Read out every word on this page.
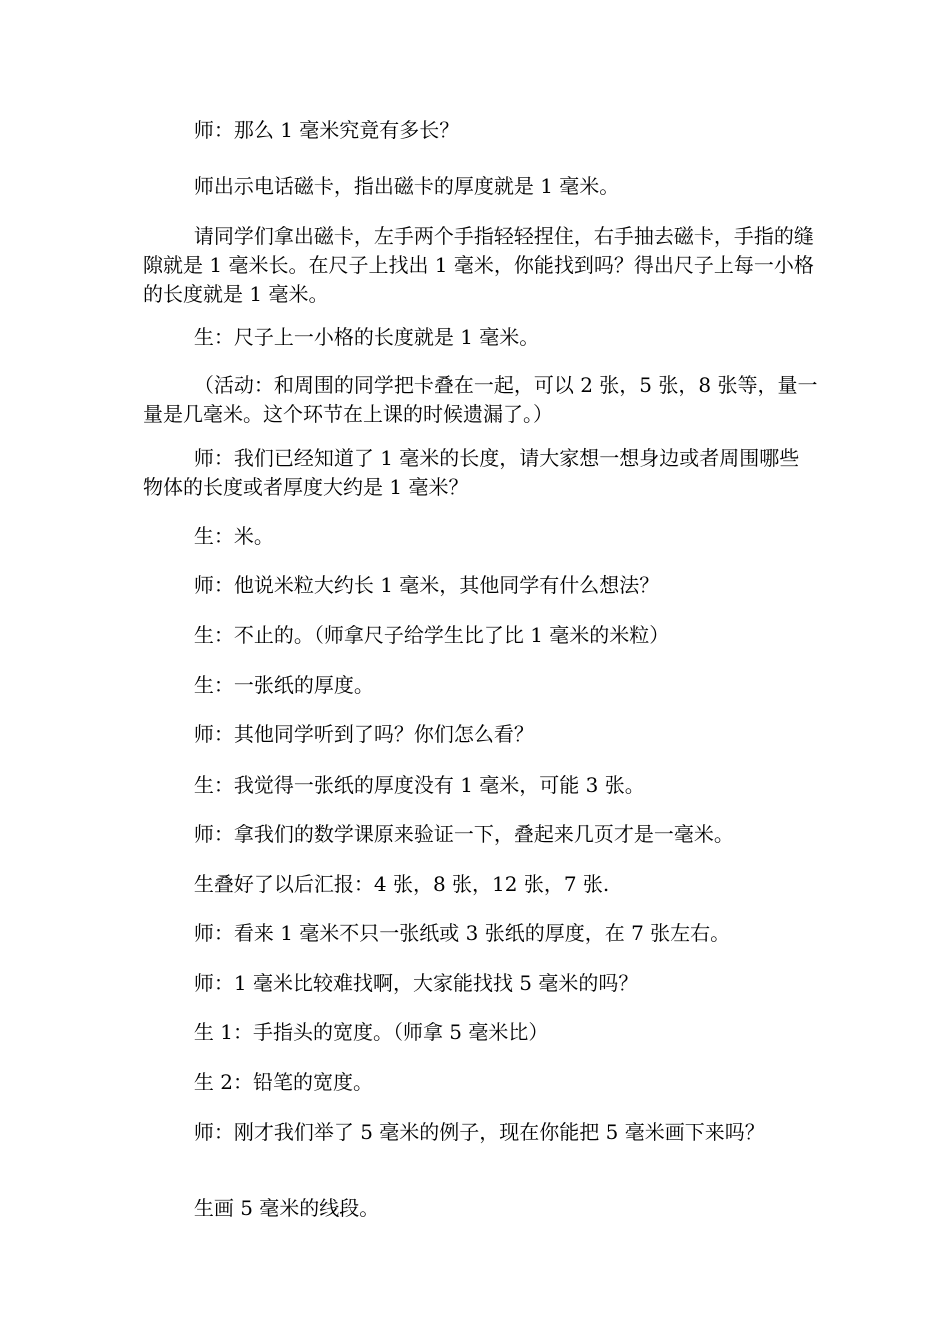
师：那么 1 毫米究竟有多长？

师出示电话磁卡，指出磁卡的厚度就是 1 毫米。

请同学们拿出磁卡，左手两个手指轻轻捏住，右手抽去磁卡，手指的缝隙就是 1 毫米长。在尺子上找出 1 毫米，你能找到吗？得出尺子上每一小格的长度就是 1 毫米。

生：尺子上一小格的长度就是 1 毫米。

（活动：和周围的同学把卡叠在一起，可以 2 张，5 张，8 张等，量一量是几毫米。这个环节在上课的时候遗漏了。）

师：我们已经知道了 1 毫米的长度，请大家想一想身边或者周围哪些物体的长度或者厚度大约是 1 毫米？

生：米。

师：他说米粒大约长 1 毫米，其他同学有什么想法？

生：不止的。（师拿尺子给学生比了比 1 毫米的米粒）

生：一张纸的厚度。

师：其他同学听到了吗？你们怎么看？

生：我觉得一张纸的厚度没有 1 毫米，可能 3 张。

师：拿我们的数学课原来验证一下，叠起来几页才是一毫米。

生叠好了以后汇报：4 张，8 张，12 张，7 张.

师：看来 1 毫米不只一张纸或 3 张纸的厚度，在 7 张左右。

师：1 毫米比较难找啊，大家能找找 5 毫米的吗？

生 1：手指头的宽度。（师拿 5 毫米比）

生 2：铅笔的宽度。

师：刚才我们举了 5 毫米的例子，现在你能把 5 毫米画下来吗？

生画 5 毫米的线段。
